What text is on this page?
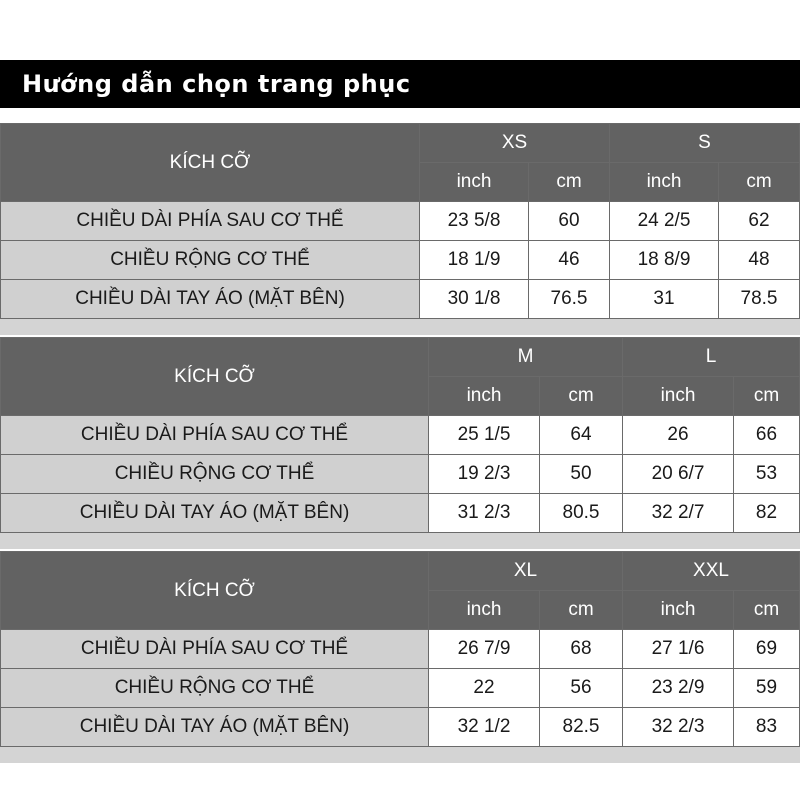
Hướng dẫn chọn trang phục
KÍCH CỠ	XS		S	
	inch	cm	inch	cm
CHIỀU DÀI PHÍA SAU CƠ THỂ	23 5/8	60	24 2/5	62
CHIỀU RỘNG CƠ THỂ	18 1/9	46	18 8/9	48
CHIỀU DÀI TAY ÁO (MẶT BÊN)	30 1/8	76.5	31	78.5
KÍCH CỠ	M		L	
	inch	cm	inch	cm
CHIỀU DÀI PHÍA SAU CƠ THỂ	25 1/5	64	26	66
CHIỀU RỘNG CƠ THỂ	19 2/3	50	20 6/7	53
CHIỀU DÀI TAY ÁO (MẶT BÊN)	31 2/3	80.5	32 2/7	82
KÍCH CỠ	XL		XXL	
	inch	cm	inch	cm
CHIỀU DÀI PHÍA SAU CƠ THỂ	26 7/9	68	27 1/6	69
CHIỀU RỘNG CƠ THỂ	22	56	23 2/9	59
CHIỀU DÀI TAY ÁO (MẶT BÊN)	32 1/2	82.5	32 2/3	83
